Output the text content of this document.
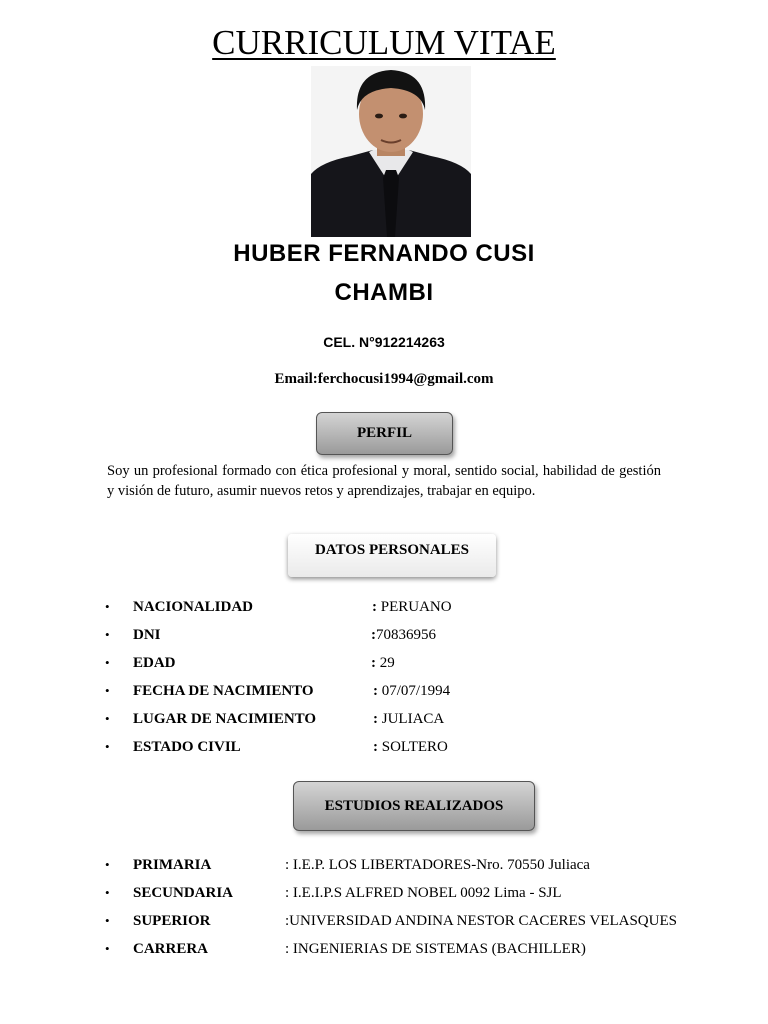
CURRICULUM VITAE
HUBER FERNANDO CUSI
CHAMBI
CEL. N°912214263
Email:ferchocusi1994@gmail.com
PERFIL
Soy un profesional formado con ética profesional y moral, sentido social, habilidad de gestión y visión de futuro, asumir nuevos retos y aprendizajes, trabajar en equipo.
DATOS PERSONALES
• NACIONALIDAD	: PERUANO
• DNI	:70836956
• EDAD	: 29
• FECHA DE NACIMIENTO	: 07/07/1994
• LUGAR DE NACIMIENTO	: JULIACA
• ESTADO CIVIL	: SOLTERO
ESTUDIOS REALIZADOS
• PRIMARIA	: I.E.P. LOS LIBERTADORES-Nro. 70550 Juliaca
• SECUNDARIA	: I.E.I.P.S ALFRED NOBEL 0092 Lima - SJL
• SUPERIOR	:UNIVERSIDAD ANDINA NESTOR CACERES VELASQUES
• CARRERA	: INGENIERIAS DE SISTEMAS (BACHILLER)
